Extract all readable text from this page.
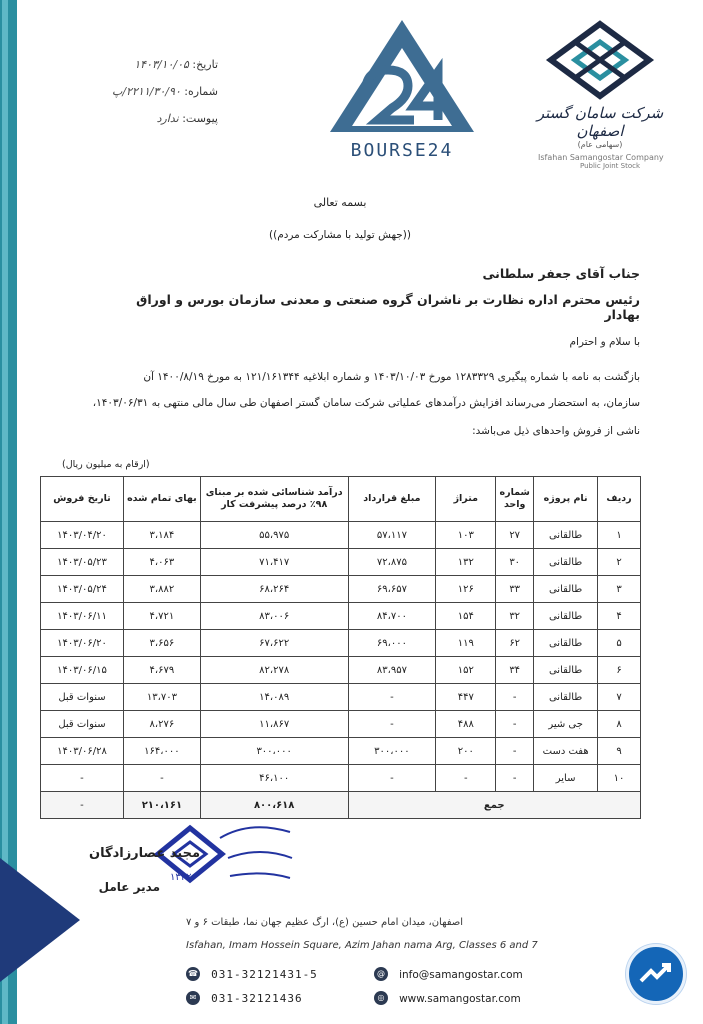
تاریخ: ۱۴۰۳/۱۰/۰۵
شماره: ۲۲۱۱/۳۰/۹۰/پ
پیوست: ندارد
BOURSE24
شرکت سامان گستر اصفهان
(سهامی عام)
Isfahan Samangostar Company
Public Joint Stock
بسمه تعالی
((جهش تولید با مشارکت مردم))
جناب آقای جعفر سلطانی
رئیس محترم اداره نظارت بر ناشران گروه صنعتی و معدنی سازمان بورس و اوراق بهادار
با سلام و احترام
بازگشت به نامه با شماره پیگیری ۱۲۸۳۳۲۹ مورخ ۱۴۰۳/۱۰/۰۳ و شماره ابلاغیه ۱۲۱/۱۶۱۳۴۴ به مورخ ۱۴۰۰/۸/۱۹ آن
سازمان، به استحضار می‌رساند افزایش درآمدهای عملیاتی شرکت سامان گستر اصفهان طی سال مالی منتهی به ۱۴۰۳/۰۶/۳۱،
ناشی از فروش واحدهای ذیل می‌باشد:
(ارقام به میلیون ریال)
ردیف	نام پروژه	شماره واحد	متراژ	مبلغ قرارداد	درآمد شناسائی شده بر مبنای ۹۸٪ درصد پیشرفت کار	بهای تمام شده	تاریخ فروش
۱	طالقانی	۲۷	۱۰۳	۵۷،۱۱۷	۵۵،۹۷۵	۳،۱۸۴	۱۴۰۳/۰۴/۲۰
۲	طالقانی	۳۰	۱۳۲	۷۲،۸۷۵	۷۱،۴۱۷	۴،۰۶۳	۱۴۰۳/۰۵/۲۳
۳	طالقانی	۳۳	۱۲۶	۶۹،۶۵۷	۶۸،۲۶۴	۳،۸۸۲	۱۴۰۳/۰۵/۲۴
۴	طالقانی	۳۲	۱۵۴	۸۴،۷۰۰	۸۳،۰۰۶	۴،۷۲۱	۱۴۰۳/۰۶/۱۱
۵	طالقانی	۶۲	۱۱۹	۶۹،۰۰۰	۶۷،۶۲۲	۳،۶۵۶	۱۴۰۳/۰۶/۲۰
۶	طالقانی	۳۴	۱۵۲	۸۳،۹۵۷	۸۲،۲۷۸	۴،۶۷۹	۱۴۰۳/۰۶/۱۵
۷	طالقانی	-	۴۴۷	-	۱۴،۰۸۹	۱۳،۷۰۳	سنوات قبل
۸	جی شیر	-	۴۸۸	-	۱۱،۸۶۷	۸،۲۷۶	سنوات قبل
۹	هفت دست	-	۲۰۰	۳۰۰،۰۰۰	۳۰۰،۰۰۰	۱۶۴،۰۰۰	۱۴۰۳/۰۶/۲۸
۱۰	سایر	-	-	-	۴۶،۱۰۰	-	-
جمع					۸۰۰،۶۱۸	۲۱۰،۱۶۱	-
۱۳۲۲
مجید عصارزادگان
مدیر عامل
اصفهان، میدان امام حسین (ع)، ارگ عظیم جهان نما، طبقات ۶ و ۷
Isfahan, Imam Hossein Square, Azim Jahan nama Arg, Classes 6 and 7
☎ 031-32121431-5
✉ 031-32121436
@ info@samangostar.com
◎ www.samangostar.com
